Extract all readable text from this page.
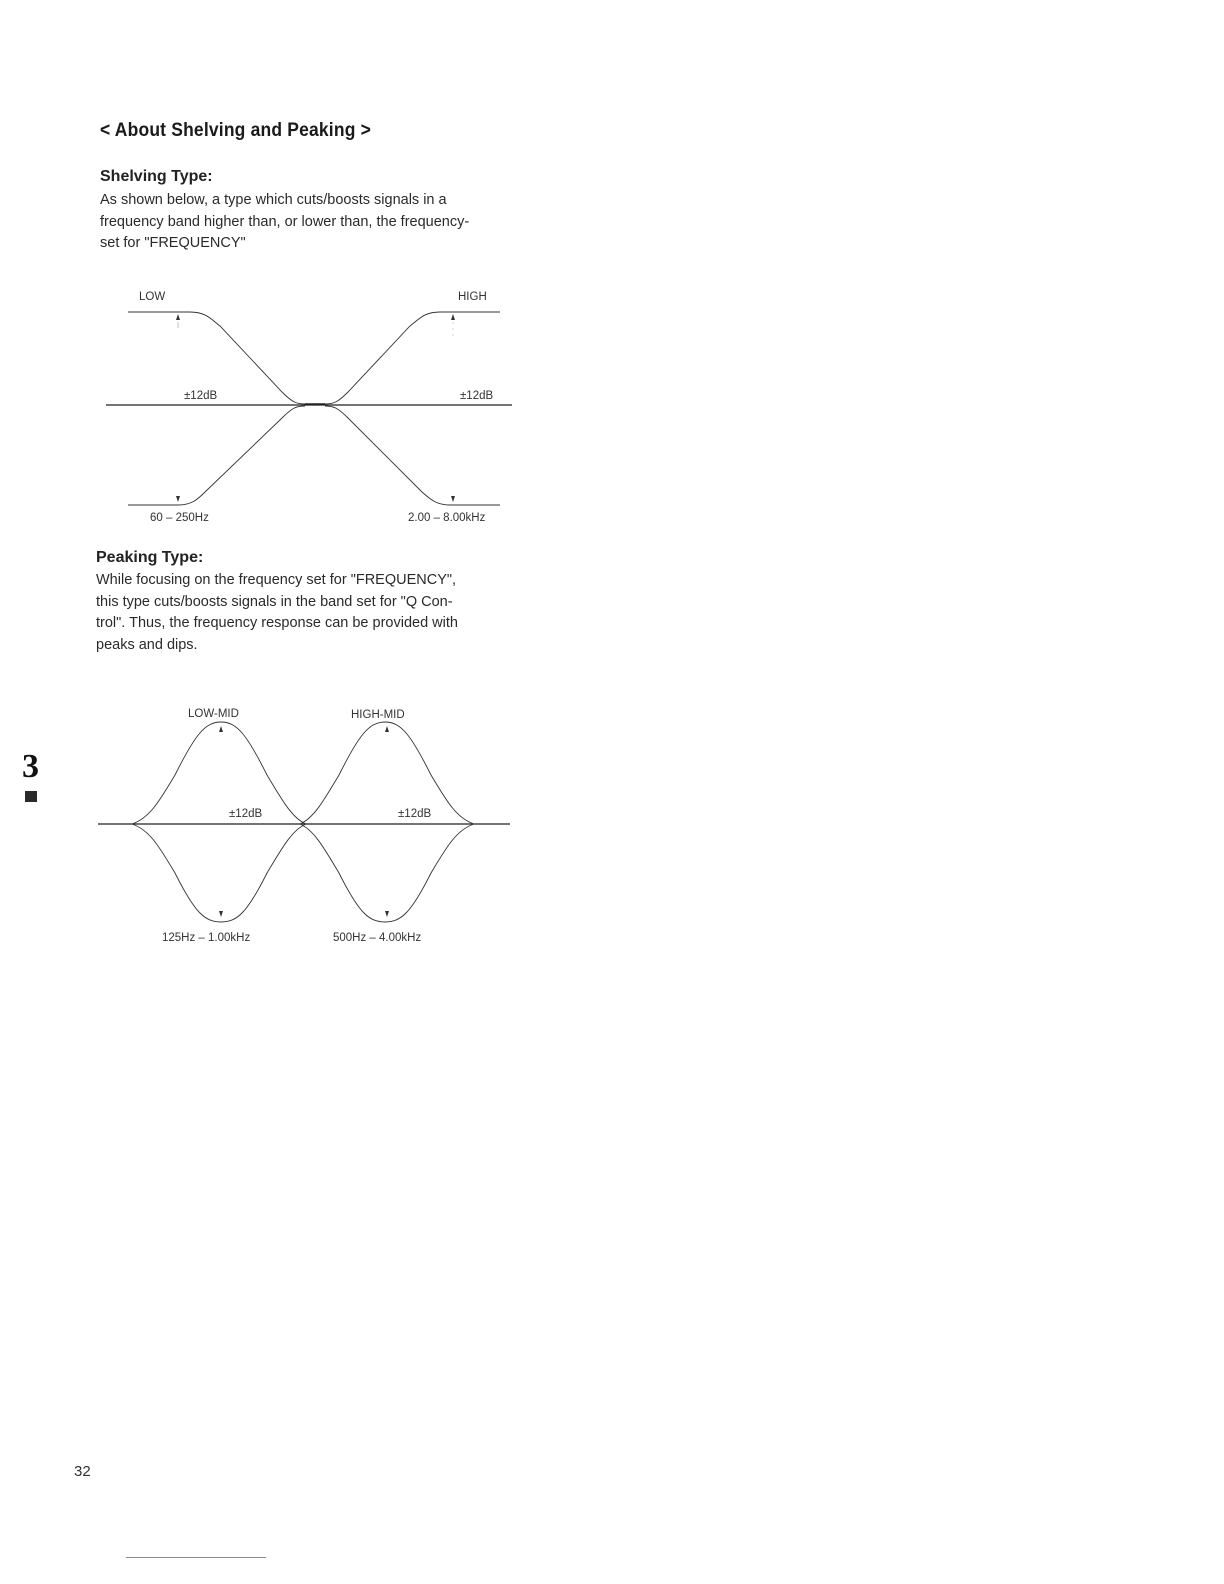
< About Shelving and Peaking >
Shelving Type:
As shown below, a type which cuts/boosts signals in a
frequency band higher than, or lower than, the frequency-
set for "FREQUENCY"
LOW	HIGH
±12dB	±12dB
60 – 250Hz	2.00 – 8.00kHz
Peaking Type:
While focusing on the frequency set for "FREQUENCY",
this type cuts/boosts signals in the band set for "Q Con-
trol". Thus, the frequency response can be provided with
peaks and dips.
LOW-MID	HIGH-MID
±12dB	±12dB
125Hz – 1.00kHz	500Hz – 4.00kHz
3
32
